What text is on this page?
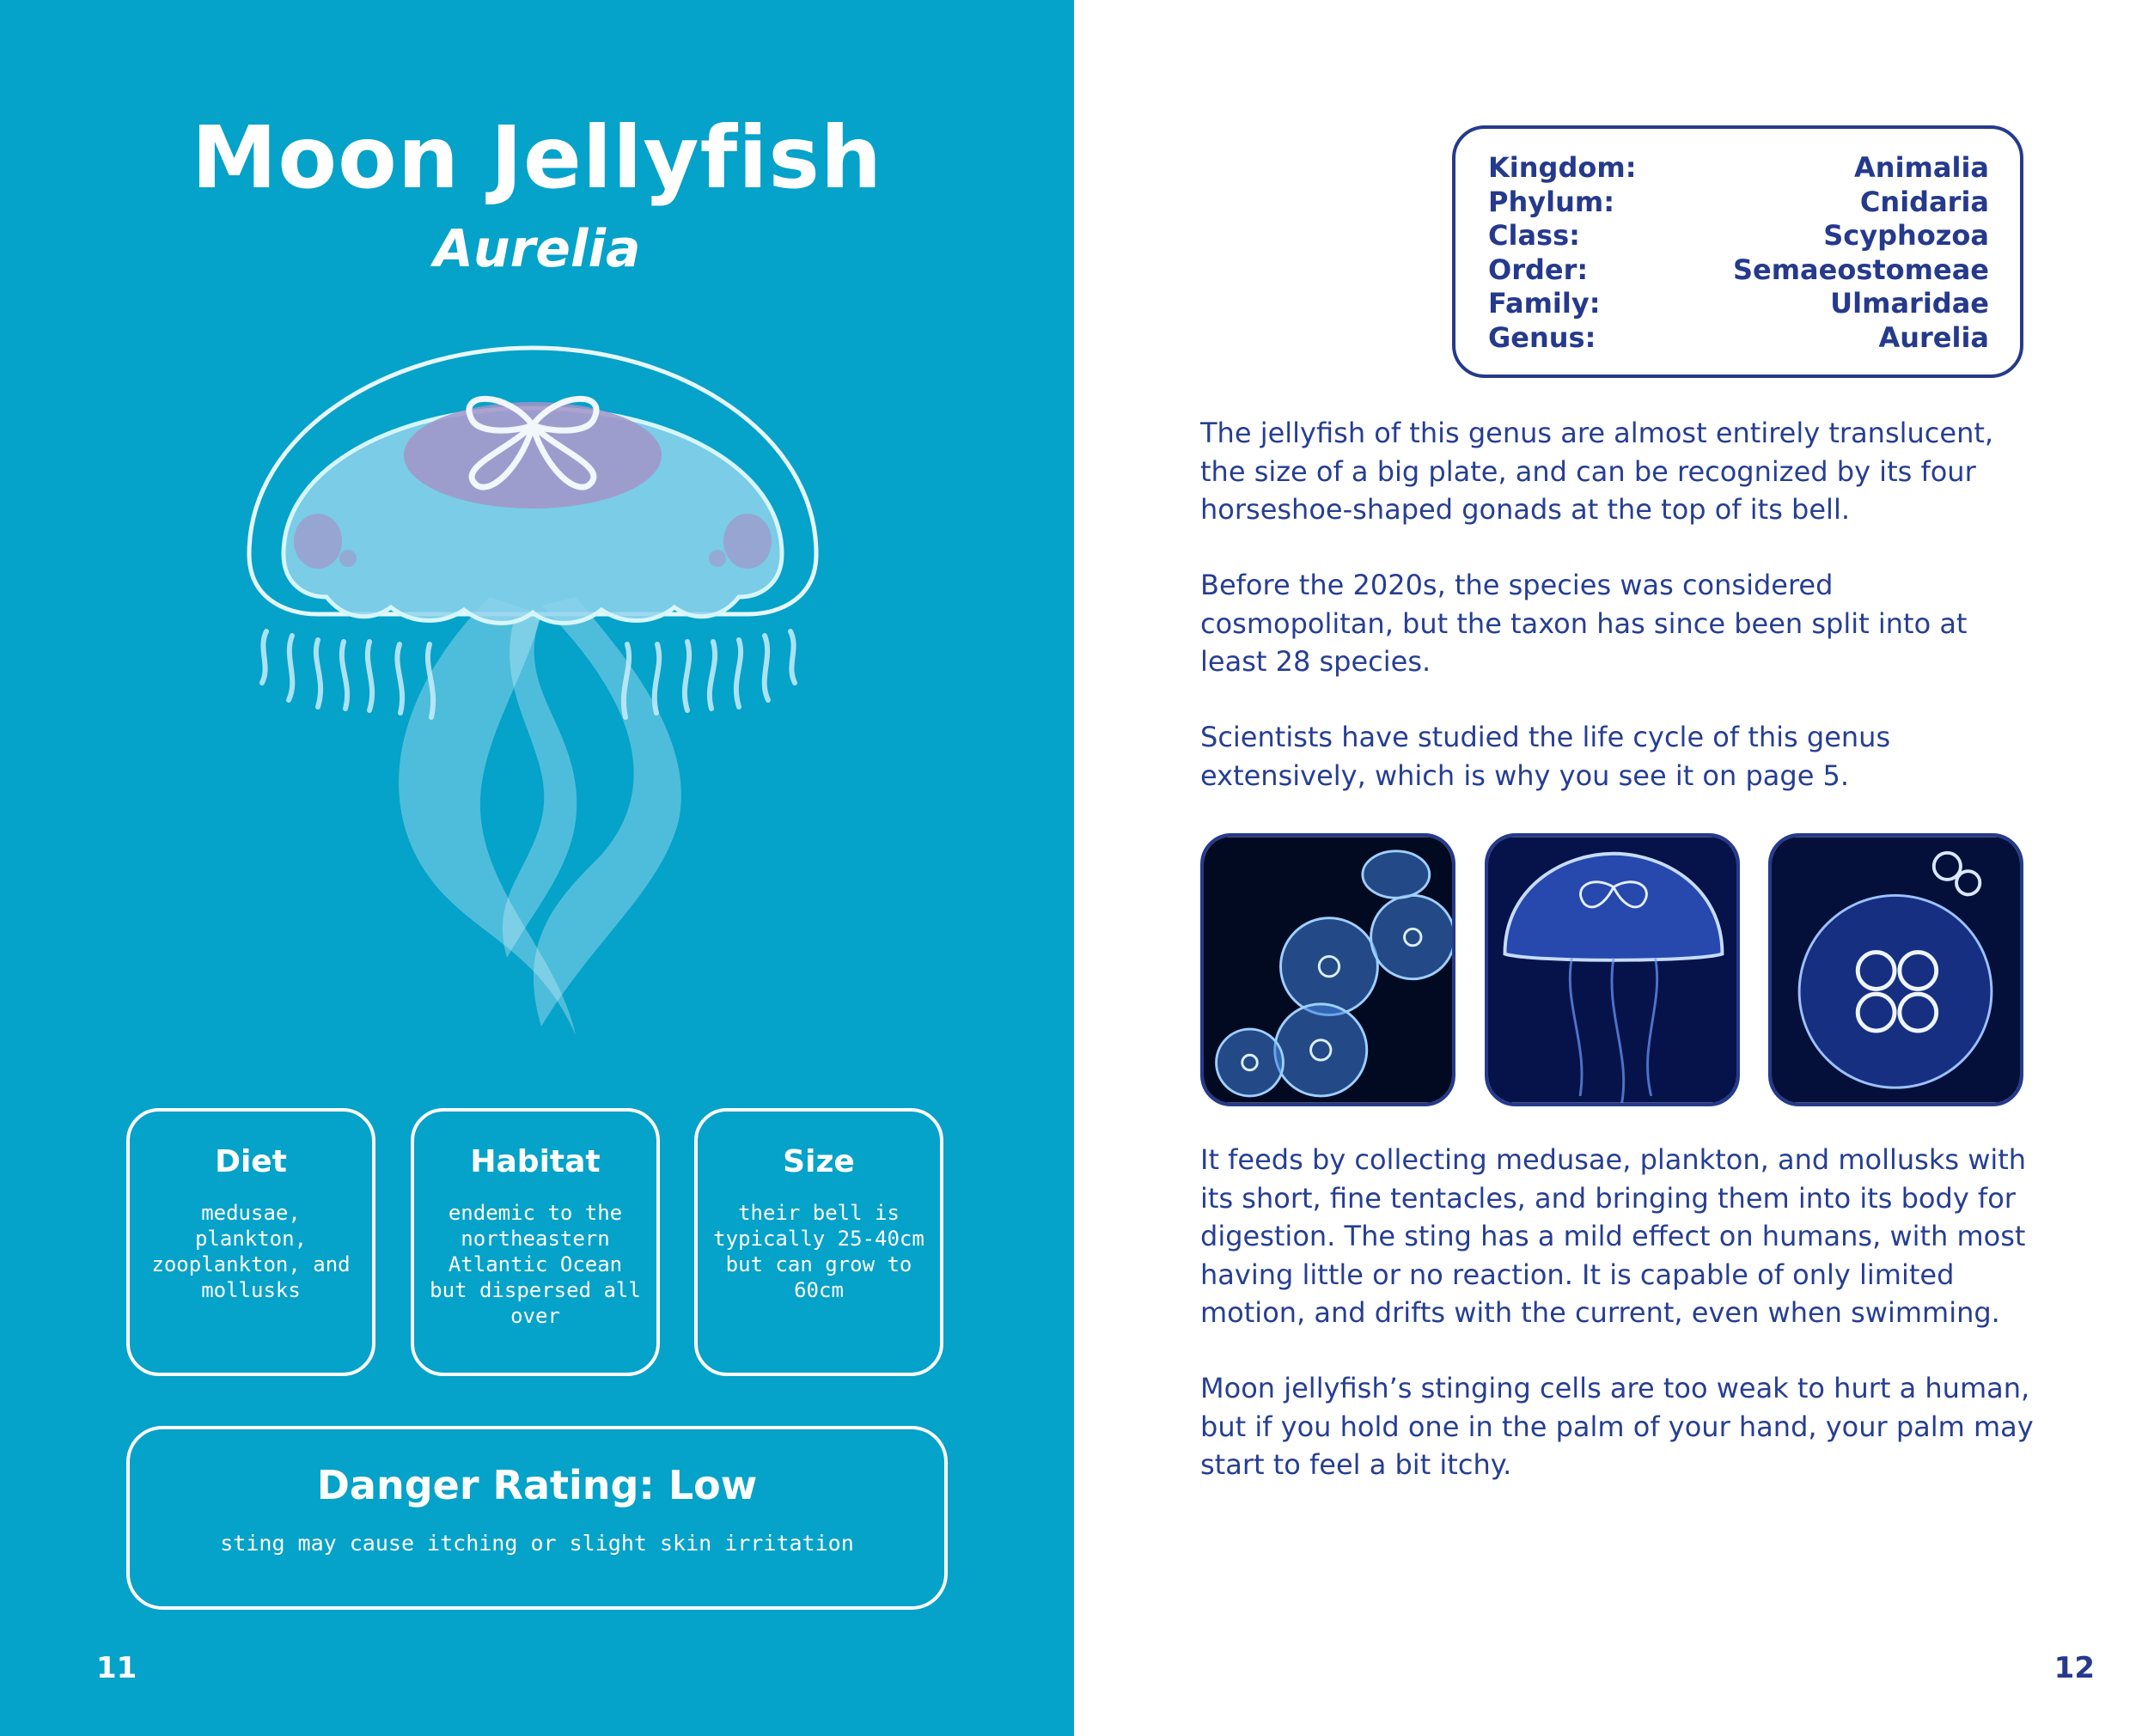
Moon Jellyfish
Aurelia
Diet

medusae, plankton, zooplankton, and mollusks

Habitat

endemic to the northeastern Atlantic Ocean but dispersed all over

Size

their bell is typically 25-40cm but can grow to 60cm

Danger Rating: Low

sting may cause itching or slight skin irritation

11
Kingdom:	Animalia
Phylum:	Cnidaria
Class:	Scyphozoa
Order:	Semaeostomeae
Family:	Ulmaridae
Genus:	Aurelia

The jellyfish of this genus are almost entirely translucent, the size of a big plate, and can be recognized by its four horseshoe-shaped gonads at the top of its bell.

Before the 2020s, the species was considered cosmopolitan, but the taxon has since been split into at least 28 species.

Scientists have studied the life cycle of this genus extensively, which is why you see it on page 5.

It feeds by collecting medusae, plankton, and mollusks with its short, fine tentacles, and bringing them into its body for digestion. The sting has a mild effect on humans, with most having little or no reaction. It is capable of only limited motion, and drifts with the current, even when swimming.

Moon jellyfish’s stinging cells are too weak to hurt a human, but if you hold one in the palm of your hand, your palm may start to feel a bit itchy.

12
